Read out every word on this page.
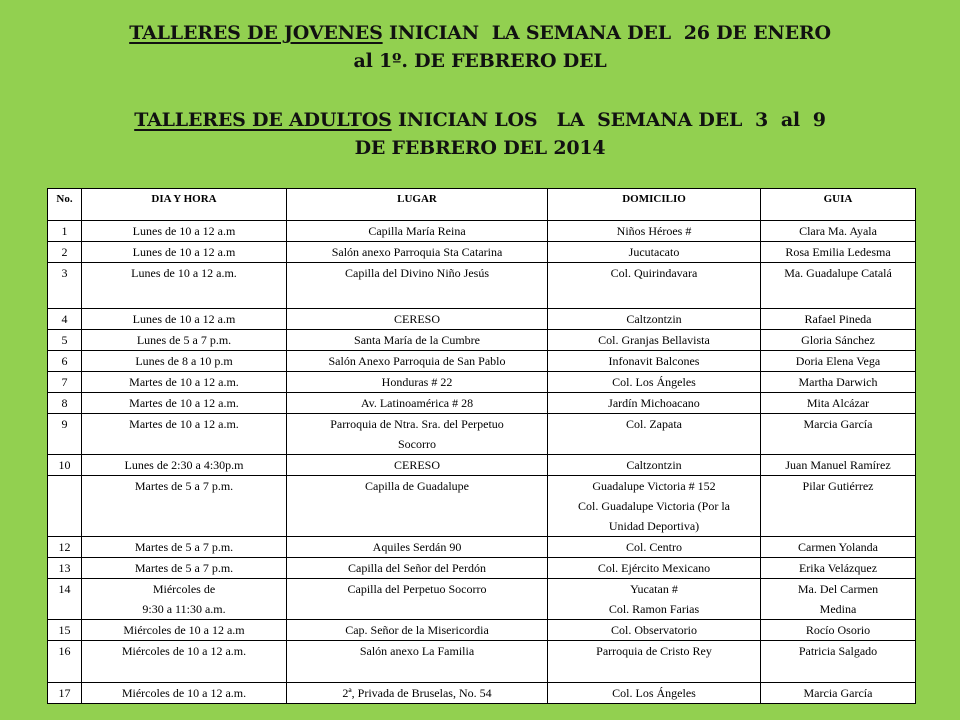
TALLERES DE JOVENES INICIAN  LA SEMANA DEL  26 DE ENERO
al 1º. DE FEBRERO DEL
TALLERES DE ADULTOS INICIAN LOS   LA  SEMANA DEL  3  al  9
DE FEBRERO DEL 2014
No.	DIA Y HORA	LUGAR	DOMICILIO	GUIA
1	Lunes de 10 a 12 a.m	Capilla María Reina	Niños Héroes #	Clara Ma. Ayala
2	Lunes de 10 a 12 a.m	Salón anexo Parroquia Sta Catarina	Jucutacato	Rosa Emilia Ledesma
3	Lunes de 10 a 12 a.m.	Capilla del Divino Niño Jesús	Col. Quirindavara	Ma. Guadalupe Catalá
4	Lunes de 10 a 12 a.m	CERESO	Caltzontzin	Rafael Pineda
5	Lunes de 5 a 7 p.m.	Santa María de la Cumbre	Col. Granjas Bellavista	Gloria Sánchez
6	Lunes de 8 a 10 p.m	Salón Anexo Parroquia de San Pablo	Infonavit Balcones	Doria Elena Vega
7	Martes de 10 a 12 a.m.	Honduras # 22	Col. Los Ángeles	Martha Darwich
8	Martes de 10 a 12 a.m.	Av. Latinoamérica # 28	Jardín Michoacano	Mita Alcázar
9	Martes de 10 a 12 a.m.	Parroquia de Ntra. Sra. del Perpetuo
Socorro	Col. Zapata	Marcia García
10	Lunes de 2:30 a 4:30p.m	CERESO	Caltzontzin	Juan Manuel Ramírez
	Martes de 5 a 7 p.m.	Capilla de Guadalupe	Guadalupe Victoria # 152
Col. Guadalupe Victoria (Por la
Unidad Deportiva)	Pilar Gutiérrez
12	Martes de 5 a 7 p.m.	Aquiles Serdán 90	Col. Centro	Carmen Yolanda
13	Martes de 5 a 7 p.m.	Capilla del Señor del Perdón	Col. Ejército Mexicano	Erika Velázquez
14	Miércoles de
9:30 a 11:30 a.m.	Capilla del Perpetuo Socorro	Yucatan #
Col. Ramon Farias	Ma. Del Carmen
Medina
15	Miércoles de 10 a 12 a.m	Cap. Señor de la Misericordia	Col. Observatorio	Rocío Osorio
16	Miércoles de 10 a 12 a.m.	Salón anexo La Familia	Parroquia de Cristo Rey	Patricia Salgado
17	Miércoles de 10 a 12 a.m.	2ª, Privada de Bruselas, No. 54	Col. Los Ángeles	Marcia García
